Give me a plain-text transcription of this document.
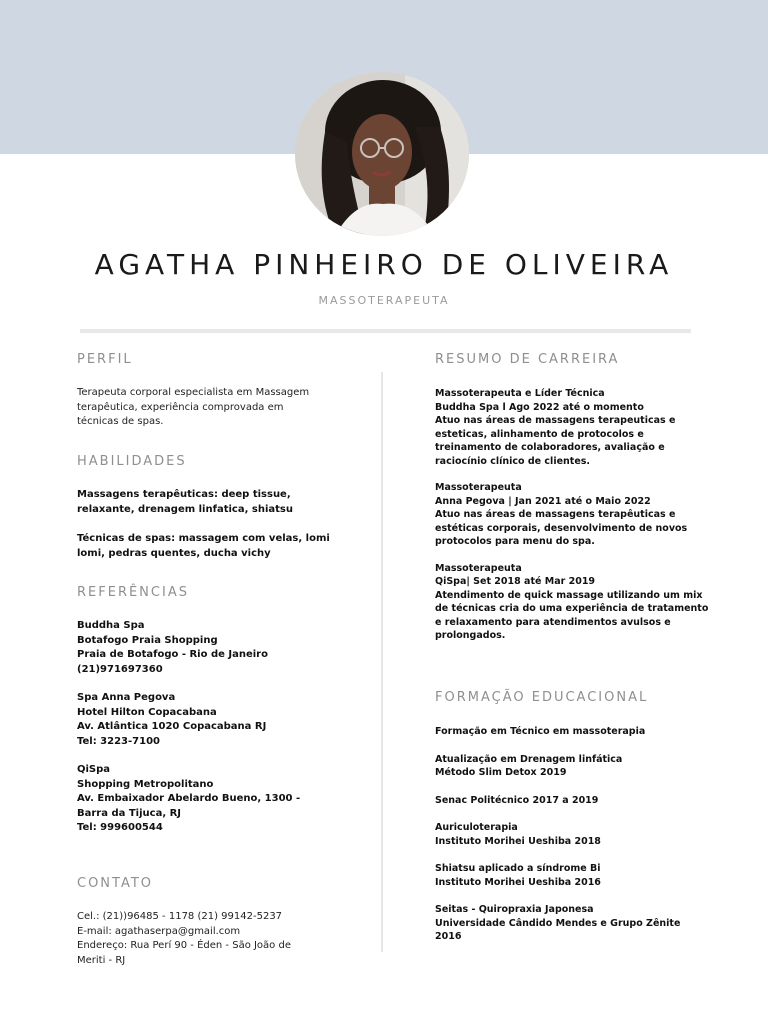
AGATHA PINHEIRO DE OLIVEIRA
MASSOTERAPEUTA
PERFIL
Terapeuta corporal especialista em Massagem
terapêutica, experiência comprovada em
técnicas de spas.
HABILIDADES
Massagens terapêuticas: deep tissue,
relaxante, drenagem linfatica, shiatsu
Técnicas de spas: massagem com velas, lomi
lomi, pedras quentes, ducha vichy
REFERÊNCIAS
Buddha Spa
Botafogo Praia Shopping
Praia de Botafogo - Rio de Janeiro
(21)971697360
Spa Anna Pegova
Hotel Hilton Copacabana
Av. Atlântica 1020 Copacabana RJ
Tel: 3223-7100
QiSpa
Shopping Metropolitano
Av. Embaixador Abelardo Bueno, 1300 -
Barra da Tijuca, RJ
Tel: 999600544
CONTATO
Cel.: (21))96485 - 1178 (21) 99142-5237
E-mail: agathaserpa@gmail.com
Endereço: Rua Perí 90 - Éden - São João de
Meriti - RJ
RESUMO DE CARREIRA
Massoterapeuta e Líder Técnica
Buddha Spa l Ago 2022 até o momento
Atuo nas áreas de massagens terapeuticas e
esteticas, alinhamento de protocolos e
treinamento de colaboradores, avaliação e
raciocínio clínico de clientes.
Massoterapeuta
Anna Pegova | Jan 2021 até o Maio 2022
Atuo nas áreas de massagens terapêuticas e
estéticas corporais, desenvolvimento de novos
protocolos para menu do spa.
Massoterapeuta
QiSpa| Set 2018 até Mar 2019
Atendimento de quick massage utilizando um mix
de técnicas cria do uma experiência de tratamento
e relaxamento para atendimentos avulsos e
prolongados.
FORMAÇÃO EDUCACIONAL
Formação em Técnico em massoterapia
Atualização em Drenagem linfática
Método Slim Detox 2019
Senac Politécnico 2017 a 2019
Auriculoterapia
Instituto Morihei Ueshiba 2018
Shiatsu aplicado a síndrome Bi
Instituto Morihei Ueshiba 2016
Seitas - Quiropraxia Japonesa
Universidade Cândido Mendes e Grupo Zênite
2016
